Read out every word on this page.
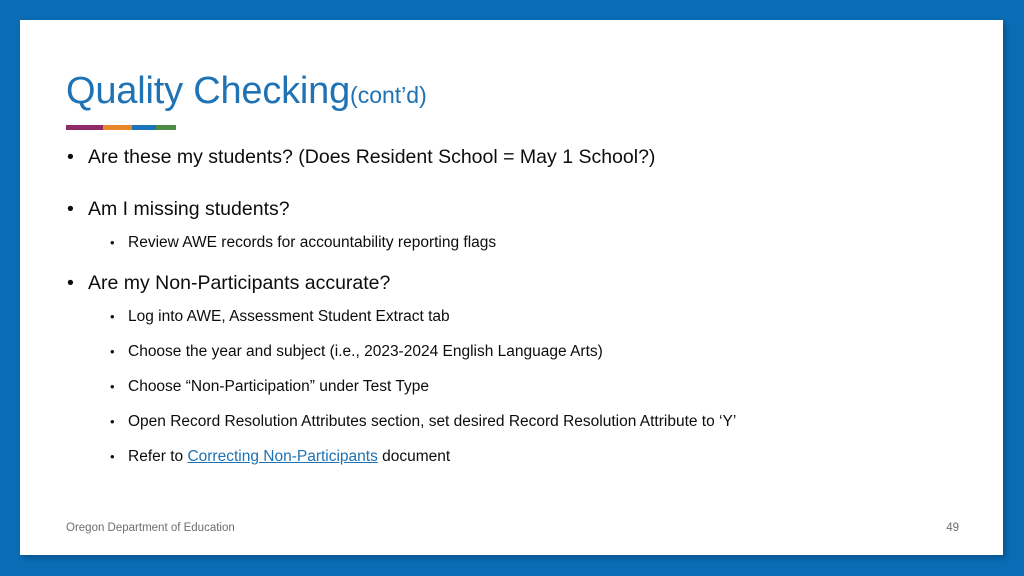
Quality Checking(cont’d)
• Are these my students? (Does Resident School = May 1 School?)
• Am I missing students?
• Review AWE records for accountability reporting flags
• Are my Non-Participants accurate?
• Log into AWE, Assessment Student Extract tab
• Choose the year and subject (i.e., 2023-2024 English Language Arts)
• Choose “Non-Participation” under Test Type
• Open Record Resolution Attributes section, set desired Record Resolution Attribute to ‘Y’
• Refer to Correcting Non-Participants document
Oregon Department of Education	49
